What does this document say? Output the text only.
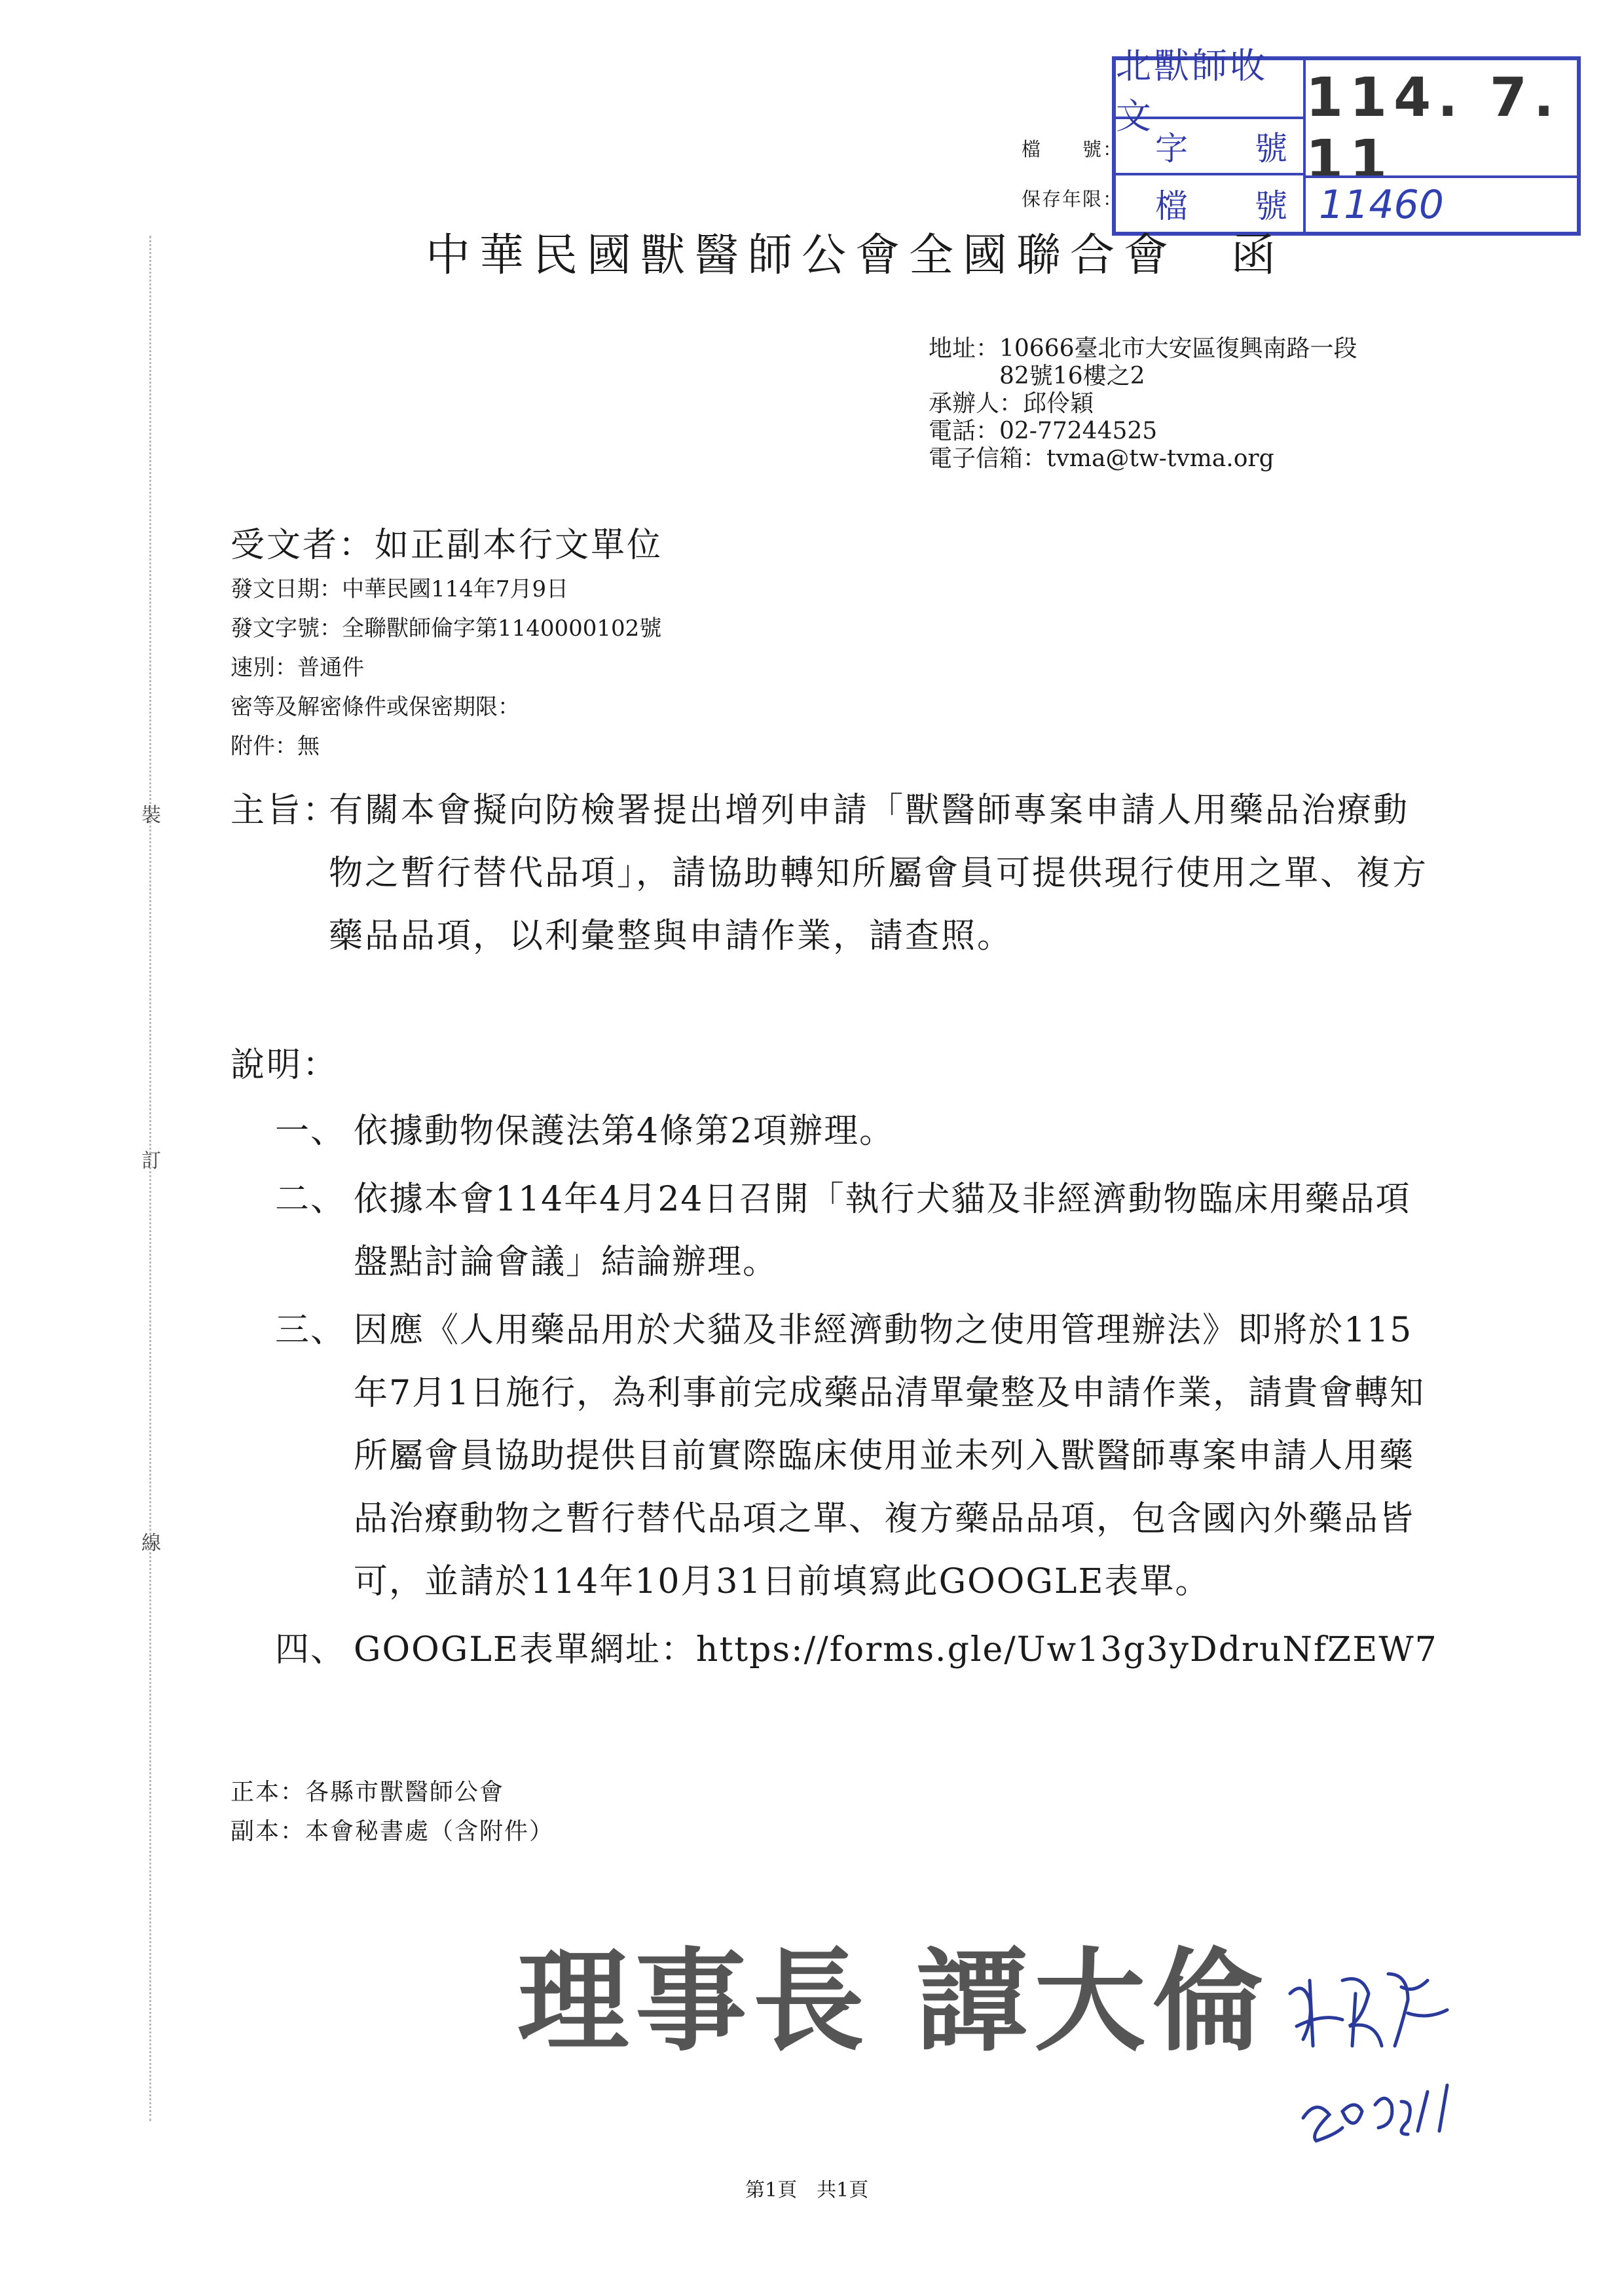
北獸師收文	114. 7. 11
字 號
檔 號 11460
檔　　號：
保存年限：
中華民國獸醫師公會全國聯合會　函
地址：10666臺北市大安區復興南路一段
　　　82號16樓之2
承辦人：邱伶穎
電話：02-77244525
電子信箱：tvma@tw-tvma.org
受文者：如正副本行文單位
發文日期：中華民國114年7月9日
發文字號：全聯獸師倫字第1140000102號
速別：普通件
密等及解密條件或保密期限：
附件：無
裝
訂
線
主旨：
有關本會擬向防檢署提出增列申請「獸醫師專案申請人用藥品治療動物之暫行替代品項」，請協助轉知所屬會員可提供現行使用之單、複方藥品品項，以利彙整與申請作業，請查照。
說明：
一、 依據動物保護法第4條第2項辦理。
二、 依據本會114年4月24日召開「執行犬貓及非經濟動物臨床用藥品項盤點討論會議」結論辦理。
三、 因應《人用藥品用於犬貓及非經濟動物之使用管理辦法》即將於115年7月1日施行，為利事前完成藥品清單彙整及申請作業，請貴會轉知所屬會員協助提供目前實際臨床使用並未列入獸醫師專案申請人用藥品治療動物之暫行替代品項之單、複方藥品品項，包含國內外藥品皆可，並請於114年10月31日前填寫此GOOGLE表單。
四、 GOOGLE表單網址：https://forms.gle/Uw13g3yDdruNfZEW7
正本：各縣市獸醫師公會
副本：本會秘書處（含附件）
理事長 譚大倫
第1頁　共1頁
